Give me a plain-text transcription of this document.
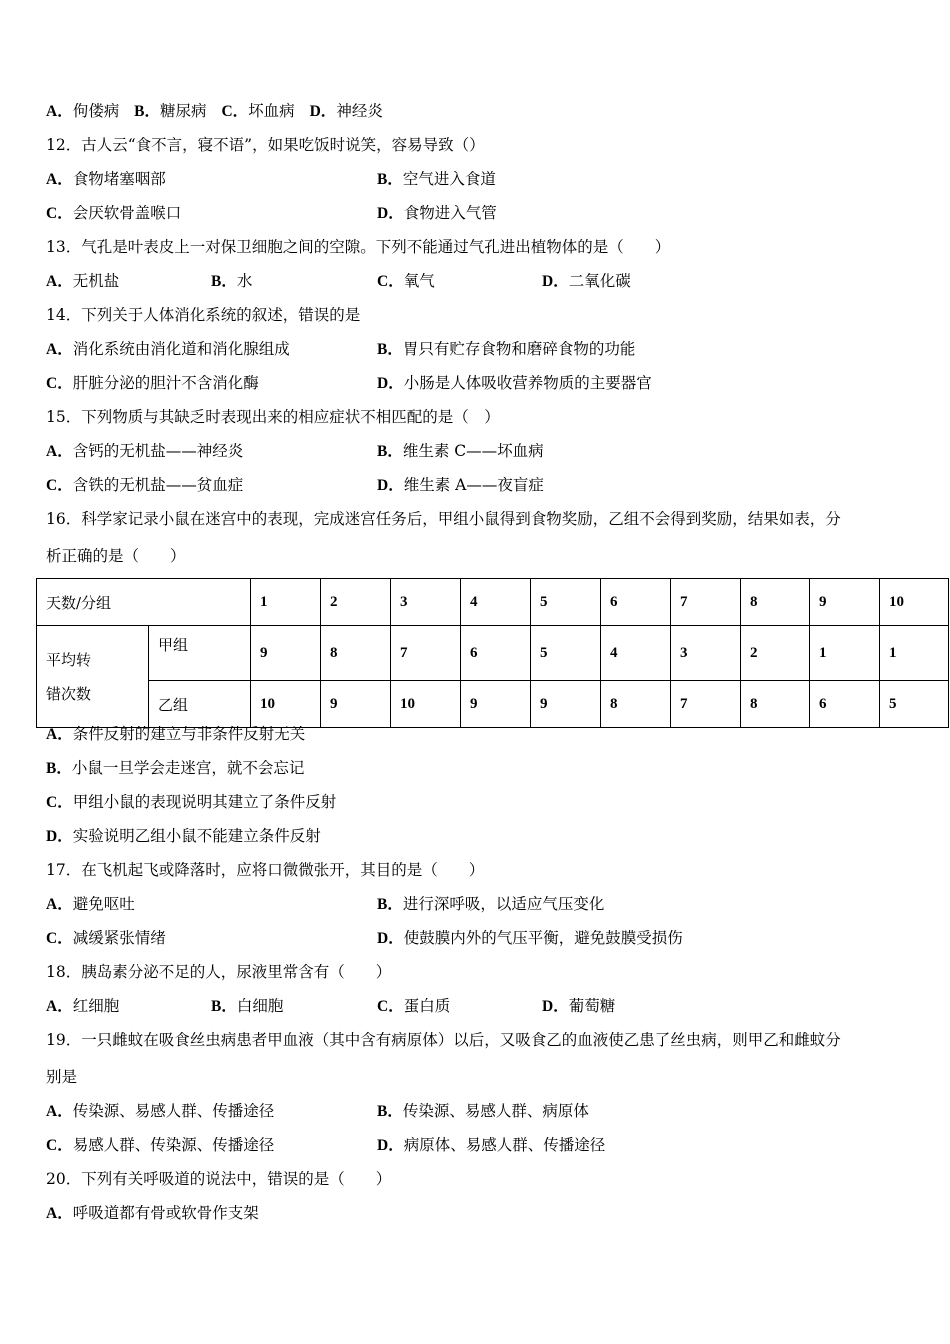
A．佝偻病 B．糖尿病 C．坏血病 D．神经炎
12．古人云“食不言，寝不语”，如果吃饭时说笑，容易导致（）
A．食物堵塞咽部	B．空气进入食道
C．会厌软骨盖喉口	D．食物进入气管
13．气孔是叶表皮上一对保卫细胞之间的空隙。下列不能通过气孔进出植物体的是（　　）
A．无机盐	B．水	C．氧气	D．二氧化碳
14．下列关于人体消化系统的叙述，错误的是
A．消化系统由消化道和消化腺组成	B．胃只有贮存食物和磨碎食物的功能
C．肝脏分泌的胆汁不含消化酶	D．小肠是人体吸收营养物质的主要器官
15．下列物质与其缺乏时表现出来的相应症状不相匹配的是（　）
A．含钙的无机盐——神经炎	B．维生素 C——坏血病
C．含铁的无机盐——贫血症	D．维生素 A——夜盲症
16．科学家记录小鼠在迷宫中的表现，完成迷宫任务后，甲组小鼠得到食物奖励，乙组不会得到奖励，结果如表，分
析正确的是（　　）
天数/分组		1	2	3	4	5	6	7	8	9	10

平均转
错次数	甲组	9	8	7	6	5	4	3	2	1	1
	乙组	10	9	10	9	9	8	7	8	6	5
A．条件反射的建立与非条件反射无关
B．小鼠一旦学会走迷宫，就不会忘记
C．甲组小鼠的表现说明其建立了条件反射
D．实验说明乙组小鼠不能建立条件反射
17．在飞机起飞或降落时，应将口微微张开，其目的是（　　）
A．避免呕吐	B．进行深呼吸，以适应气压变化
C．减缓紧张情绪	D．使鼓膜内外的气压平衡，避免鼓膜受损伤
18．胰岛素分泌不足的人，尿液里常含有（　　）
A．红细胞	B．白细胞	C．蛋白质	D．葡萄糖
19．一只雌蚊在吸食丝虫病患者甲血液（其中含有病原体）以后，又吸食乙的血液使乙患了丝虫病，则甲乙和雌蚊分
别是
A．传染源、易感人群、传播途径	B．传染源、易感人群、病原体
C．易感人群、传染源、传播途径	D．病原体、易感人群、传播途径
20．下列有关呼吸道的说法中，错误的是（　　）
A．呼吸道都有骨或软骨作支架
